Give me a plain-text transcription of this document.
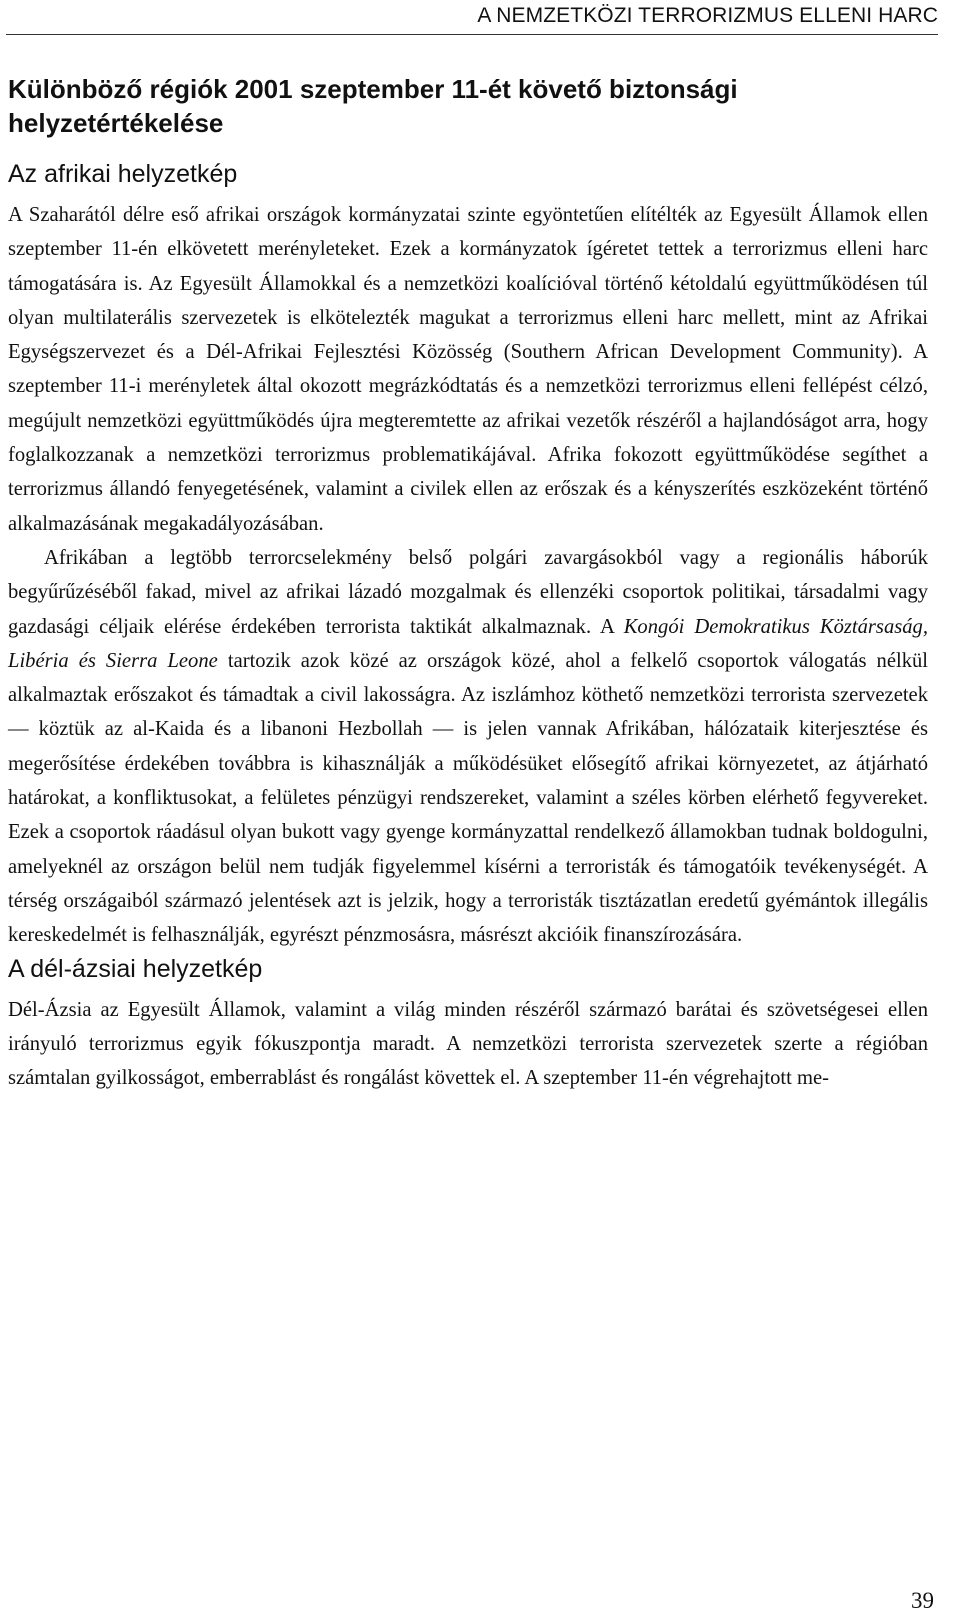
A NEMZETKÖZI TERRORIZMUS ELLENI HARC
Különböző régiók 2001 szeptember 11-ét követő biztonsági helyzetértékelése
Az afrikai helyzetkép

A Szaharától délre eső afrikai országok kormányzatai szinte egyöntetűen elítélték az Egyesült Államok ellen szeptember 11-én elkövetett merényleteket. Ezek a kormányzatok ígéretet tettek a terrorizmus elleni harc támogatására is. Az Egyesült Államokkal és a nemzetközi koalícióval történő kétoldalú együttműködésen túl olyan multilaterális szervezetek is elkötelezték magukat a terrorizmus elleni harc mellett, mint az Afrikai Egységszervezet és a Dél-Afrikai Fejlesztési Közösség (Southern African Development Community). A szeptember 11-i merényletek által okozott megrázkódtatás és a nemzetközi terrorizmus elleni fellépést célzó, megújult nemzetközi együttműködés újra megteremtette az afrikai vezetők részéről a hajlandóságot arra, hogy foglalkozzanak a nemzetközi terrorizmus problematikájával. Afrika fokozott együttműködése segíthet a terrorizmus állandó fenyegetésének, valamint a civilek ellen az erőszak és a kényszerítés eszközeként történő alkalmazásának megakadályozásában.

Afrikában a legtöbb terrorcselekmény belső polgári zavargásokból vagy a regionális háborúk begyűrűzéséből fakad, mivel az afrikai lázadó mozgalmak és ellenzéki csoportok politikai, társadalmi vagy gazdasági céljaik elérése érdekében terrorista taktikát alkalmaznak. A Kongói Demokratikus Köztársaság, Libéria és Sierra Leone tartozik azok közé az országok közé, ahol a felkelő csoportok válogatás nélkül alkalmaztak erőszakot és támadtak a civil lakosságra. Az iszlámhoz köthető nemzetközi terrorista szervezetek — köztük az al-Kaida és a libanoni Hezbollah — is jelen vannak Afrikában, hálózataik kiterjesztése és megerősítése érdekében továbbra is kihasználják a működésüket elősegítő afrikai környezetet, az átjárható határokat, a konfliktusokat, a felületes pénzügyi rendszereket, valamint a széles körben elérhető fegyvereket. Ezek a csoportok ráadásul olyan bukott vagy gyenge kormányzattal rendelkező államokban tudnak boldogulni, amelyeknél az országon belül nem tudják figyelemmel kísérni a terroristák és támogatóik tevékenységét. A térség országaiból származó jelentések azt is jelzik, hogy a terroristák tisztázatlan eredetű gyémántok illegális kereskedelmét is felhasználják, egyrészt pénzmosásra, másrészt akcióik finanszírozására.

A dél-ázsiai helyzetkép

Dél-Ázsia az Egyesült Államok, valamint a világ minden részéről származó barátai és szövetségesei ellen irányuló terrorizmus egyik fókuszpontja maradt. A nemzetközi terrorista szervezetek szerte a régióban számtalan gyilkosságot, emberrablást és rongálást követtek el. A szeptember 11-én végrehajtott me-

39
